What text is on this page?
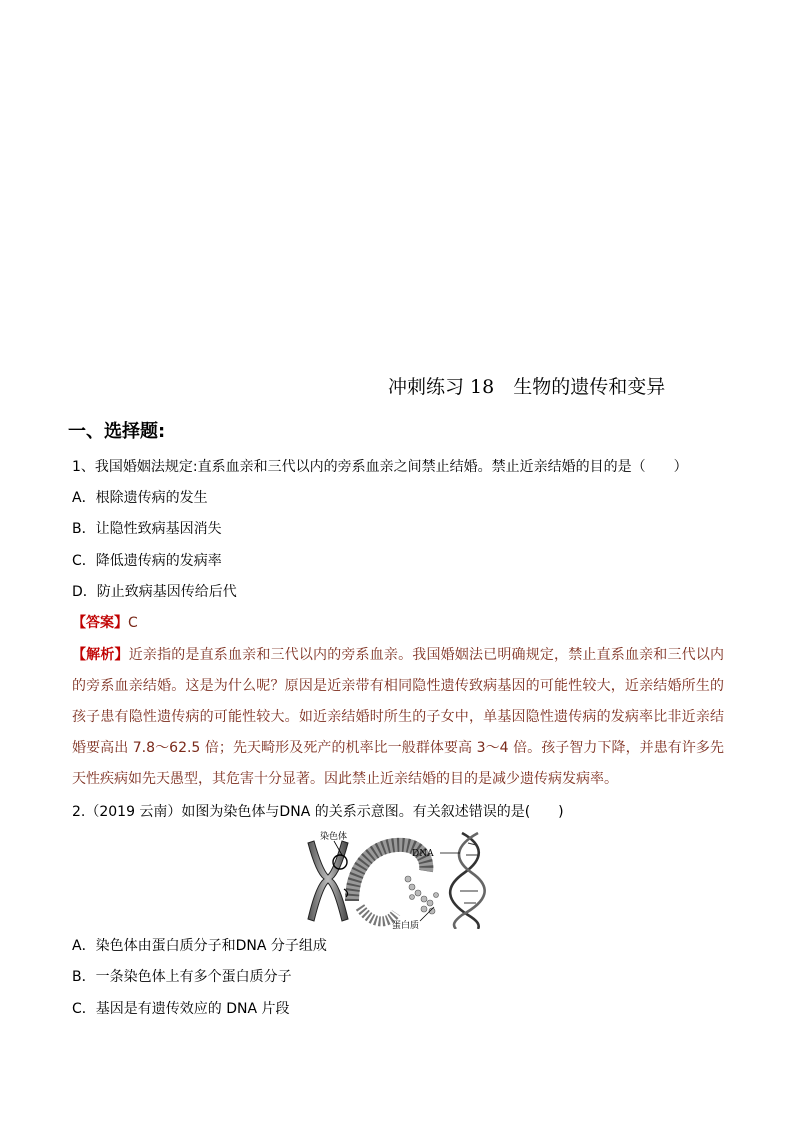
冲刺练习 18　生物的遗传和变异
一、选择题:
1、我国婚姻法规定:直系血亲和三代以内的旁系血亲之间禁止结婚。禁止近亲结婚的目的是（　　）
A．根除遗传病的发生
B．让隐性致病基因消失
C．降低遗传病的发病率
D．防止致病基因传给后代
【答案】C
【解析】近亲指的是直系血亲和三代以内的旁系血亲。我国婚姻法已明确规定，禁止直系血亲和三代以内的旁系血亲结婚。这是为什么呢？原因是近亲带有相同隐性遗传致病基因的可能性较大，近亲结婚所生的孩子患有隐性遗传病的可能性较大。如近亲结婚时所生的子女中，单基因隐性遗传病的发病率比非近亲结婚要高出 7.8～62.5 倍；先天畸形及死产的机率比一般群体要高 3～4 倍。孩子智力下降，并患有许多先天性疾病如先天愚型，其危害十分显著。因此禁止近亲结婚的目的是减少遗传病发病率。
2.（2019 云南）如图为染色体与DNA 的关系示意图。有关叙述错误的是(　　)
染色体
DNA
蛋白质
A．染色体由蛋白质分子和DNA 分子组成
B．一条染色体上有多个蛋白质分子
C．基因是有遗传效应的 DNA 片段
